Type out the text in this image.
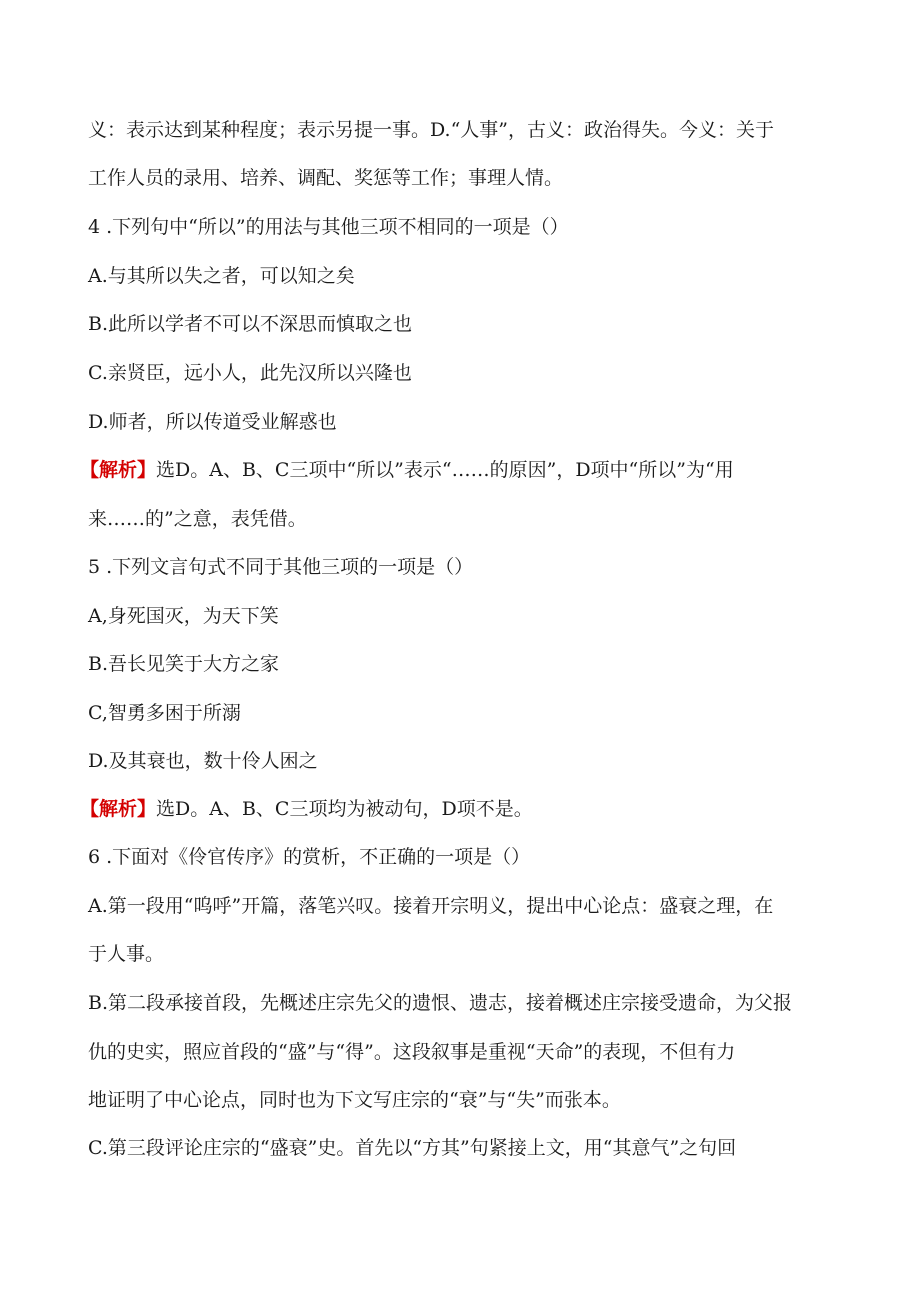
义：表示达到某种程度；表示另提一事。D.“人事”，古义：政治得失。今义：关于
工作人员的录用、培养、调配、奖惩等工作；事理人情。
4 .下列句中“所以”的用法与其他三项不相同的一项是（）
A.与其所以失之者，可以知之矣
B.此所以学者不可以不深思而慎取之也
C.亲贤臣，远小人，此先汉所以兴隆也
D.师者，所以传道受业解惑也
【解析】选D。A、B、C三项中“所以”表示“……的原因”，D项中“所以”为“用
来……的”之意，表凭借。
5 .下列文言句式不同于其他三项的一项是（）
A,身死国灭，为天下笑
B.吾长见笑于大方之家
C,智勇多困于所溺
D.及其衰也，数十伶人困之
【解析】选D。A、B、C三项均为被动句，D项不是。
6 .下面对《伶官传序》的赏析，不正确的一项是（）
A.第一段用“呜呼”开篇，落笔兴叹。接着开宗明义，提出中心论点：盛衰之理，在
于人事。
B.第二段承接首段，先概述庄宗先父的遗恨、遗志，接着概述庄宗接受遗命，为父报
仇的史实，照应首段的“盛”与“得”。这段叙事是重视“天命”的表现，不但有力
地证明了中心论点，同时也为下文写庄宗的“衰”与“失”而张本。
C.第三段评论庄宗的“盛衰”史。首先以“方其”句紧接上文，用“其意气”之句回
